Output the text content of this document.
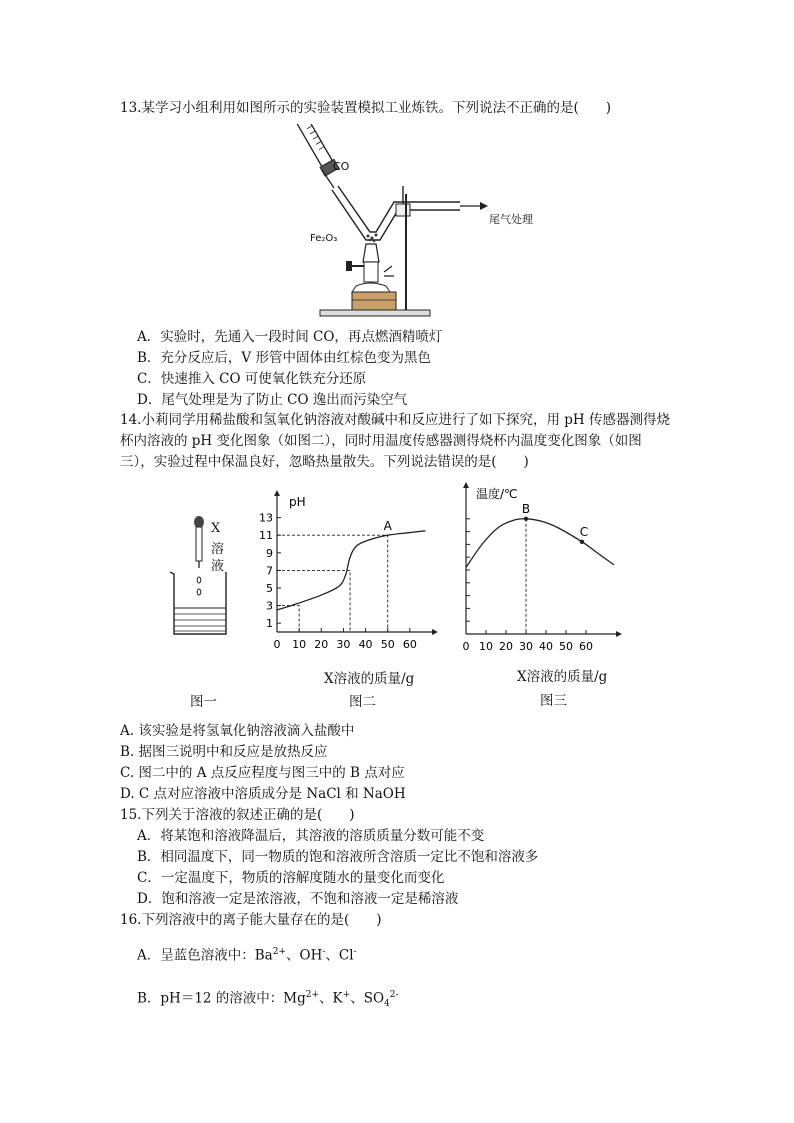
13.某学习小组利用如图所示的实验装置模拟工业炼铁。下列说法不正确的是(　　)
CO
Fe₂O₃
尾气处理
A．实验时，先通入一段时间 CO，再点燃酒精喷灯
B．充分反应后，V 形管中固体由红棕色变为黑色
C．快速推入 CO 可使氧化铁充分还原
D．尾气处理是为了防止 CO 逸出而污染空气
14.小莉同学用稀盐酸和氢氧化钠溶液对酸碱中和反应进行了如下探究，用 pH 传感器测得烧
杯内溶液的 pH 变化图象（如图二），同时用温度传感器测得烧杯内温度变化图象（如图
三），实验过程中保温良好，忽略热量散失。下列说法错误的是(　　)
X
溶
液
图一
pH
1
3
5
7
9
11
13
0 10 20 30 40 50 60
A
X溶液的质量/g
图二
温度/℃
0 10 20 30 40 50 60
B
C
X溶液的质量/g
图三
A. 该实验是将氢氧化钠溶液滴入盐酸中
B. 据图三说明中和反应是放热反应
C. 图二中的 A 点反应程度与图三中的 B 点对应
D. C 点对应溶液中溶质成分是 NaCl 和 NaOH
15.下列关于溶液的叙述正确的是(　　)
A．将某饱和溶液降温后，其溶液的溶质质量分数可能不变
B．相同温度下，同一物质的饱和溶液所含溶质一定比不饱和溶液多
C．一定温度下，物质的溶解度随水的量变化而变化
D．饱和溶液一定是浓溶液，不饱和溶液一定是稀溶液
16.下列溶液中的离子能大量存在的是(　　)
A．呈蓝色溶液中：$Ba^{2+}$、OH-、Cl-
B．pH＝12 的溶液中：$Mg^{2+}$、K+、$SO_4^{2-}$
